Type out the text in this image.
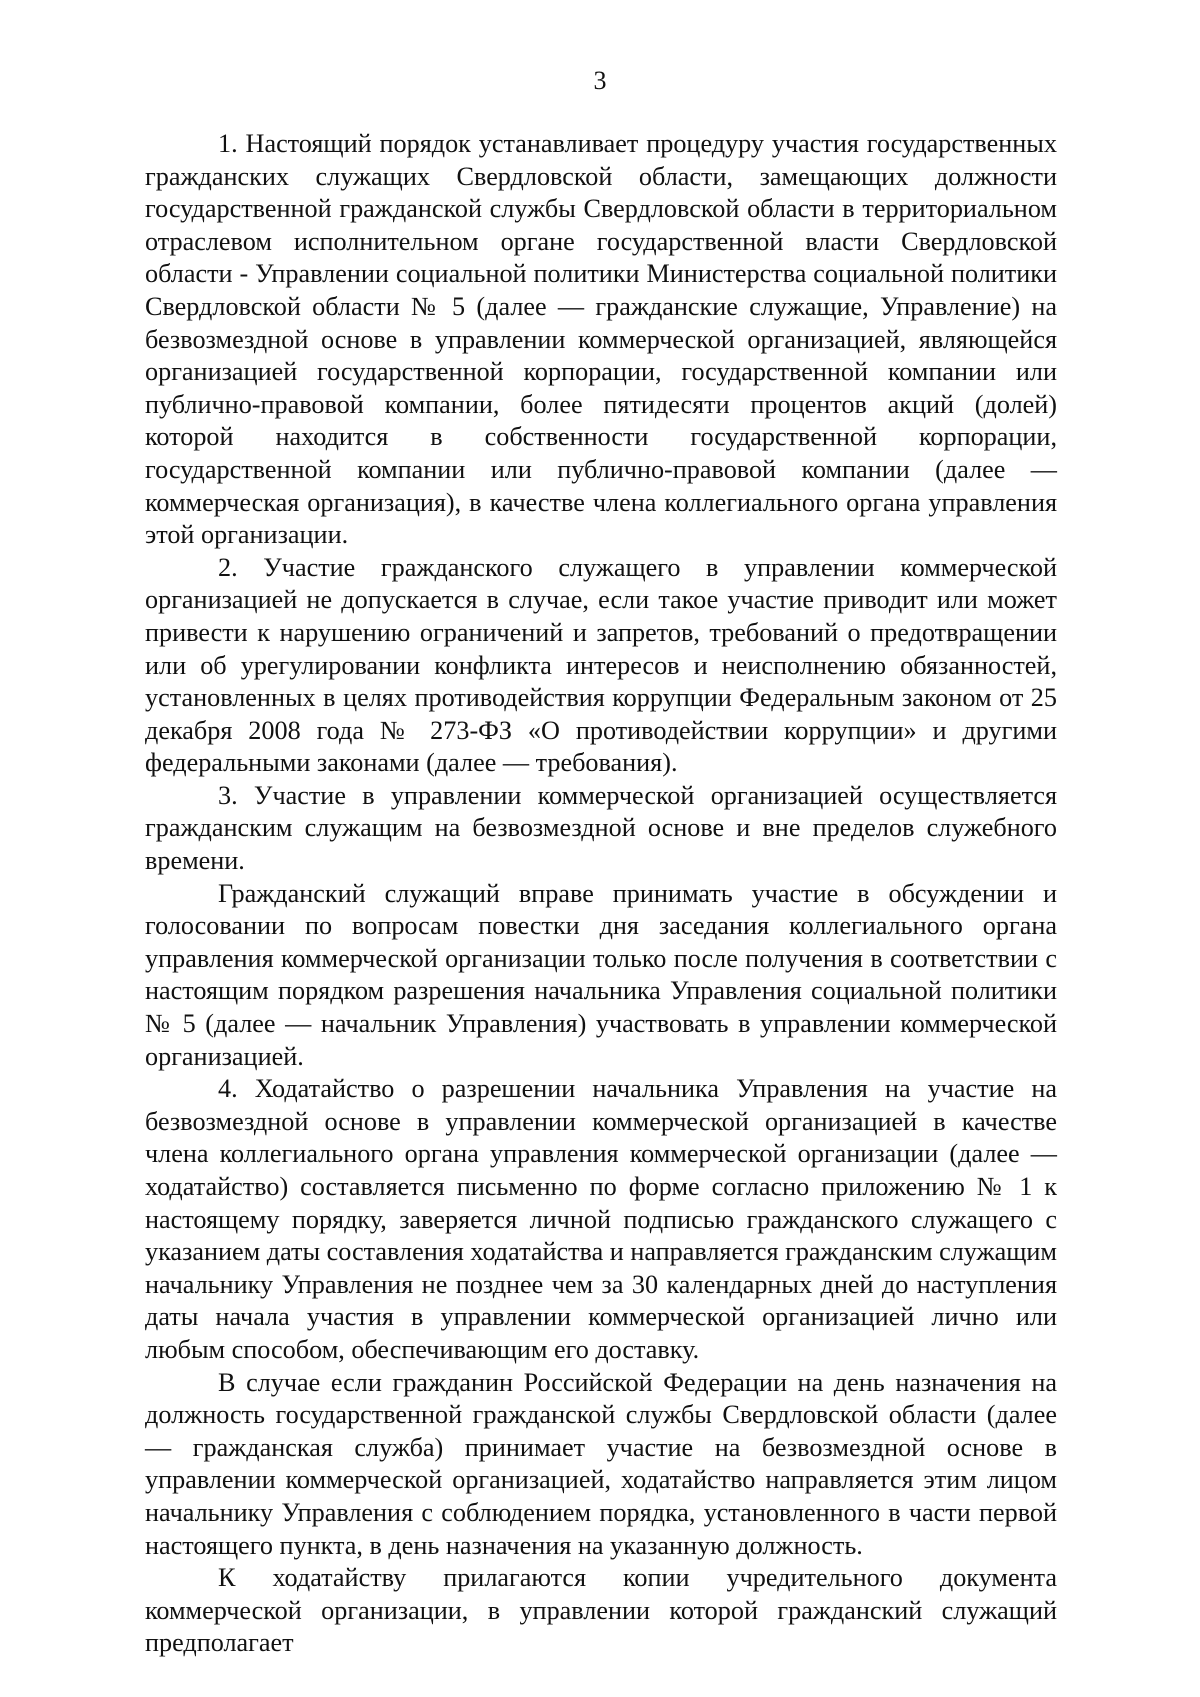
3

1. Настоящий порядок устанавливает процедуру участия государственных гражданских служащих Свердловской области, замещающих должности государственной гражданской службы Свердловской области в территориальном отраслевом исполнительном органе государственной власти Свердловской области - Управлении социальной политики Министерства социальной политики Свердловской области № 5 (далее — гражданские служащие, Управление) на безвозмездной основе в управлении коммерческой организацией, являющейся организацией государственной корпорации, государственной компании или публично-правовой компании, более пятидесяти процентов акций (долей) которой находится в собственности государственной корпорации, государственной компании или публично-правовой компании (далее — коммерческая организация), в качестве члена коллегиального органа управления этой организации.

2. Участие гражданского служащего в управлении коммерческой организацией не допускается в случае, если такое участие приводит или может привести к нарушению ограничений и запретов, требований о предотвращении или об урегулировании конфликта интересов и неисполнению обязанностей, установленных в целях противодействия коррупции Федеральным законом от 25 декабря 2008 года № 273-ФЗ «О противодействии коррупции» и другими федеральными законами (далее — требования).

3. Участие в управлении коммерческой организацией осуществляется гражданским служащим на безвозмездной основе и вне пределов служебного времени.

Гражданский служащий вправе принимать участие в обсуждении и голосовании по вопросам повестки дня заседания коллегиального органа управления коммерческой организации только после получения в соответствии с настоящим порядком разрешения начальника Управления социальной политики № 5 (далее — начальник Управления) участвовать в управлении коммерческой организацией.

4. Ходатайство о разрешении начальника Управления на участие на безвозмездной основе в управлении коммерческой организацией в качестве члена коллегиального органа управления коммерческой организации (далее — ходатайство) составляется письменно по форме согласно приложению № 1 к настоящему порядку, заверяется личной подписью гражданского служащего с указанием даты составления ходатайства и направляется гражданским служащим начальнику Управления не позднее чем за 30 календарных дней до наступления даты начала участия в управлении коммерческой организацией лично или любым способом, обеспечивающим его доставку.

В случае если гражданин Российской Федерации на день назначения на должность государственной гражданской службы Свердловской области (далее — гражданская служба) принимает участие на безвозмездной основе в управлении коммерческой организацией, ходатайство направляется этим лицом начальнику Управления с соблюдением порядка, установленного в части первой настоящего пункта, в день назначения на указанную должность.

К ходатайству прилагаются копии учредительного документа коммерческой организации, в управлении которой гражданский служащий предполагает
